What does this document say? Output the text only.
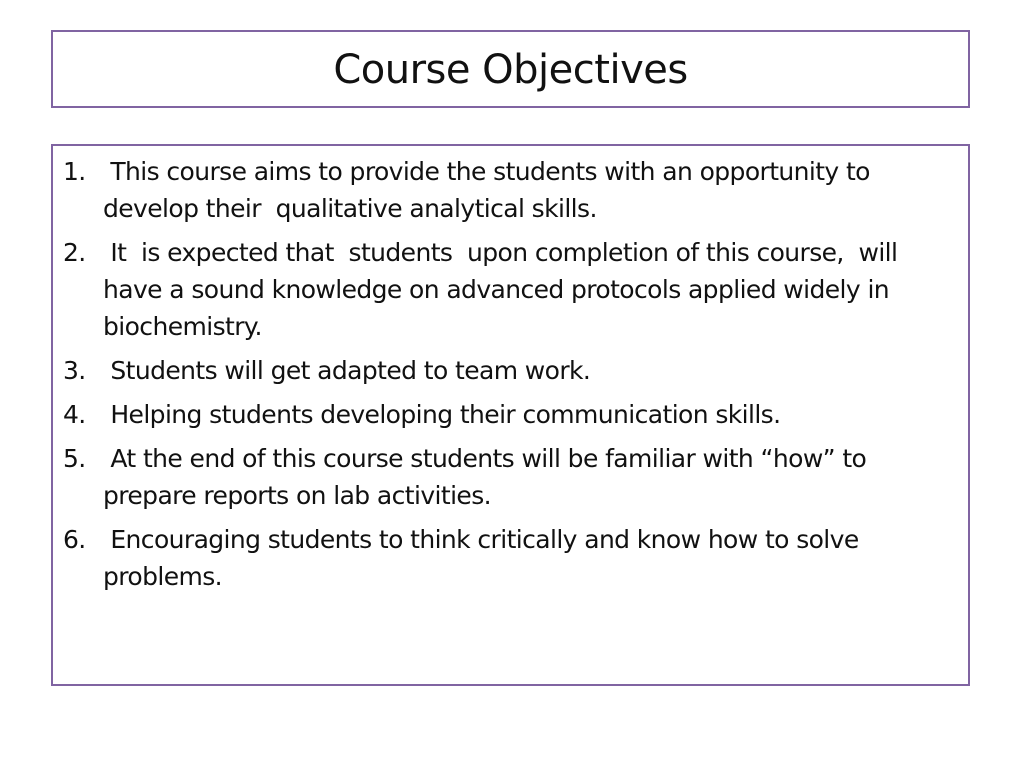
Course Objectives
1. This course aims to provide the students with an opportunity to develop their  qualitative analytical skills.
2. It  is expected that  students  upon completion of this course,  will  have a sound knowledge on advanced protocols applied widely in biochemistry.
3. Students will get adapted to team work.
4. Helping students developing their communication skills.
5. At the end of this course students will be familiar with “how” to prepare reports on lab activities.
6. Encouraging students to think critically and know how to solve problems.
